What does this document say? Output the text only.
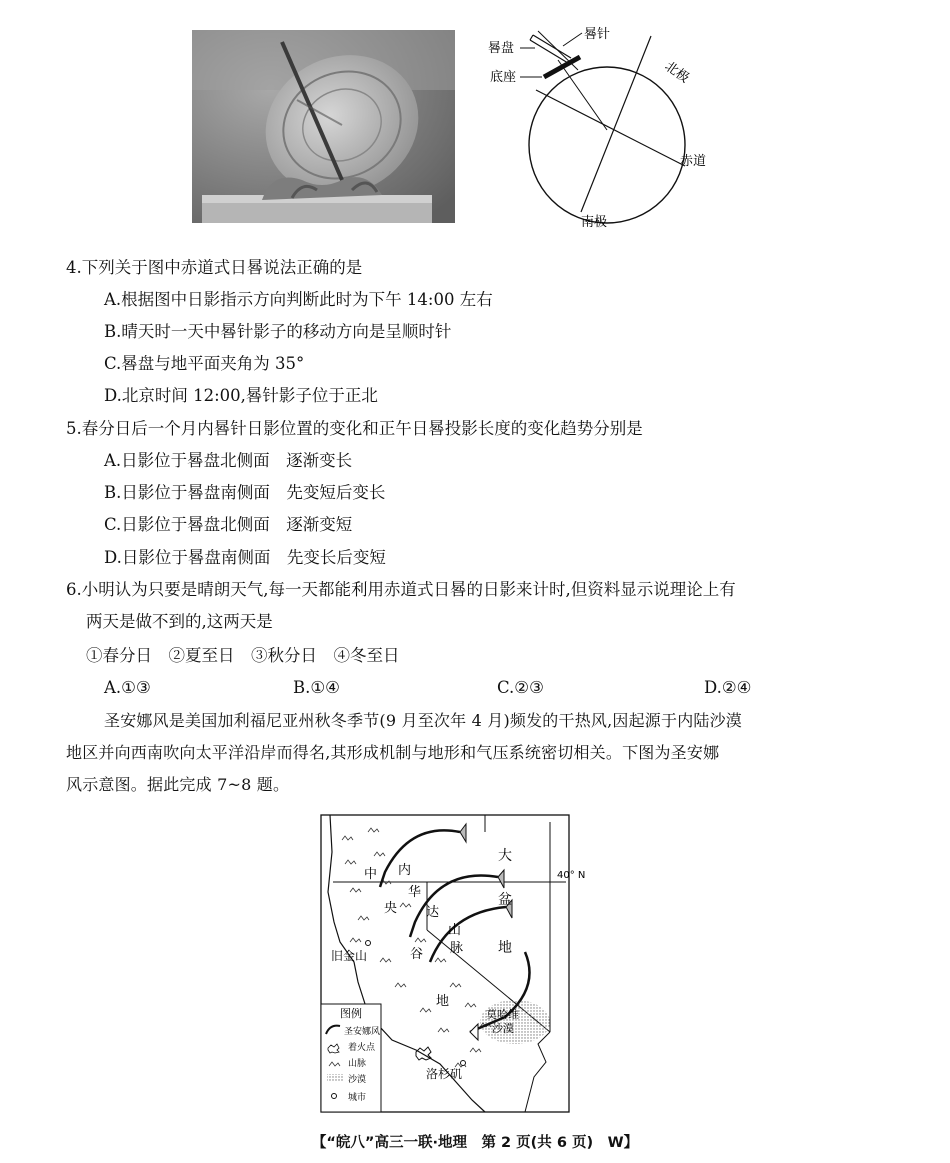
晷针
晷盘
底座	北极
赤道
南极
4.下列关于图中赤道式日晷说法正确的是
A.根据图中日影指示方向判断此时为下午 14:00 左右
B.晴天时一天中晷针影子的移动方向是呈顺时针
C.晷盘与地平面夹角为 35°
D.北京时间 12:00,晷针影子位于正北
5.春分日后一个月内晷针日影位置的变化和正午日晷投影长度的变化趋势分别是
A.日影位于晷盘北侧面　逐渐变长
B.日影位于晷盘南侧面　先变短后变长
C.日影位于晷盘北侧面　逐渐变短
D.日影位于晷盘南侧面　先变长后变短
6.小明认为只要是晴朗天气,每一天都能利用赤道式日晷的日影来计时,但资料显示说理论上有
两天是做不到的,这两天是
①春分日　②夏至日　③秋分日　④冬至日
A.①③	B.①④	C.②③	D.②④
圣安娜风是美国加利福尼亚州秋冬季节(9 月至次年 4 月)频发的干热风,因起源于内陆沙漠
地区并向西南吹向太平洋沿岸而得名,其形成机制与地形和气压系统密切相关。下图为圣安娜
风示意图。据此完成 7~8 题。
40° N
大
盆
地
中
央
谷
地
内
华
达
山
脉
旧金山
洛杉矶
莫哈维
沙漠
图例
圣安娜风
着火点
山脉
沙漠
城市
【“皖八”高三一联·地理　第 2 页(共 6 页)　W】
